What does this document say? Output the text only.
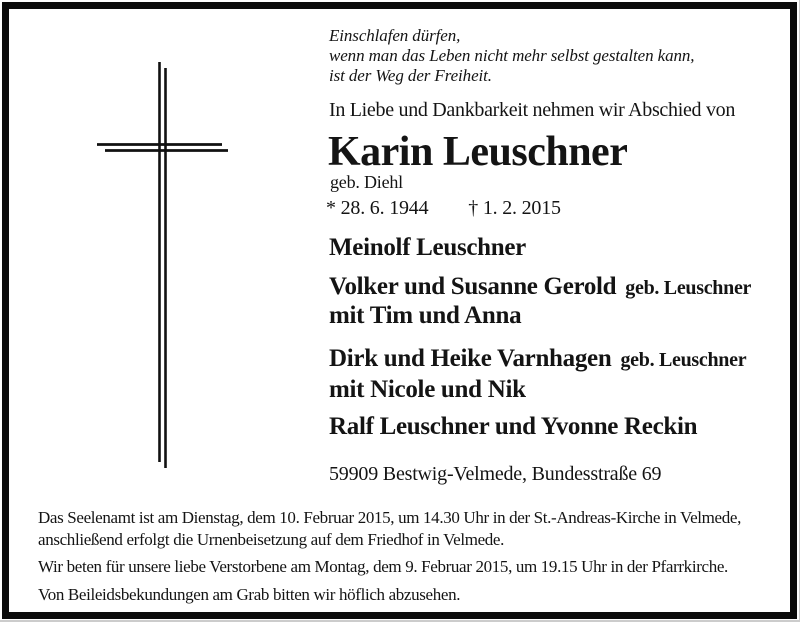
Einschlafen dürfen,
wenn man das Leben nicht mehr selbst gestalten kann,
ist der Weg der Freiheit.
In Liebe und Dankbarkeit nehmen wir Abschied von
Karin Leuschner
geb. Diehl
* 28. 6. 1944 † 1. 2. 2015
Meinolf Leuschner
Volker und Susanne Gerold geb. Leuschner
mit Tim und Anna
Dirk und Heike Varnhagen geb. Leuschner
mit Nicole und Nik
Ralf Leuschner und Yvonne Reckin
59909 Bestwig-Velmede, Bundesstraße 69
Das Seelenamt ist am Dienstag, dem 10. Februar 2015, um 14.30 Uhr in der St.-Andreas-Kirche in Velmede,
anschließend erfolgt die Urnenbeisetzung auf dem Friedhof in Velmede.
Wir beten für unsere liebe Verstorbene am Montag, dem 9. Februar 2015, um 19.15 Uhr in der Pfarrkirche.
Von Beileidsbekundungen am Grab bitten wir höflich abzusehen.
